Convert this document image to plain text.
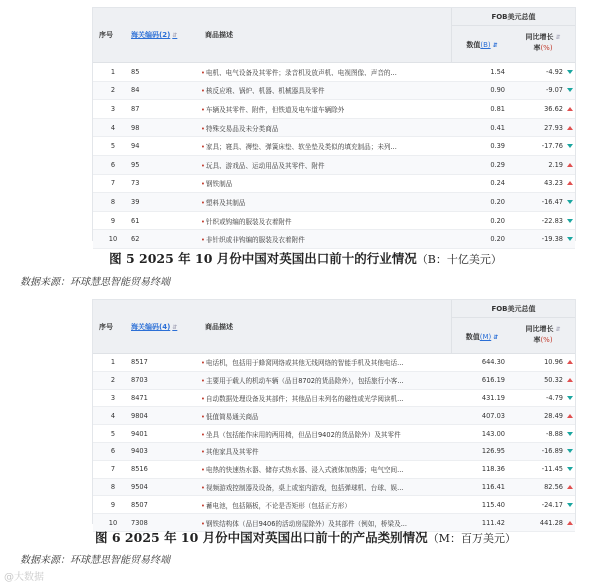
序号	海关编码(2) ⇵	商品描述
FOB美元总值
数值(B) ⇵
同比增长 ⇵
率(%)
1	85	•电机、电气设备及其零件；录音机及放声机、电视图像、声音的...	1.54	-4.92
2	84	•核反应堆、锅炉、机器、机械器具及零件	0.90	-9.07
3	87	•车辆及其零件、附件，但铁道及电车道车辆除外	0.81	36.62
4	98	•特殊交易品及未分类商品	0.41	27.93
5	94	•家具；寝具、褥垫、弹簧床垫、软坐垫及类似的填充制品；未列...	0.39	-17.76
6	95	•玩具、游戏品、运动用品及其零件、附件	0.29	2.19
7	73	•钢铁制品	0.24	43.23
8	39	•塑料及其制品	0.20	-16.47
9	61	•针织或钩编的服装及衣着附件	0.20	-22.83
10	62	•非针织或非钩编的服装及衣着附件	0.20	-19.38
图 5 2025 年 10 月份中国对英国出口前十的行业情况（B：十亿美元）
数据来源：环球慧思智能贸易终端
序号	海关编码(4) ⇵	商品描述
FOB美元总值
数值(M) ⇵
同比增长 ⇵
率(%)
1	8517	•电话机，包括用于蜂窝网络或其他无线网络的智能手机及其他电话...	644.30	10.96
2	8703	•主要用于载人的机动车辆（品目8702的货品除外），包括旅行小客...	616.19	50.32
3	8471	•自动数据处理设备及其部件；其他品目未列名的磁性或光学阅读机...	431.19	-4.79
4	9804	•低值简易通关商品	407.03	28.49
5	9401	•坐具（包括能作床用的两用椅，但品目9402的货品除外）及其零件	143.00	-8.88
6	9403	•其他家具及其零件	126.95	-16.89
7	8516	•电热的快速热水器、储存式热水器、浸入式液体加热器；电气空间...	118.36	-11.45
8	9504	•视频游戏控制器及设备，桌上或室内游戏，包括弹球机、台球、娱...	116.41	82.56
9	8507	•蓄电池，包括隔板，不论是否矩形（包括正方形）	115.40	-24.17
10	7308	•钢铁结构体（品目9406的活动房屋除外）及其部件（例如，桥梁及...	111.42	441.28
图 6 2025 年 10 月份中国对英国出口前十的产品类别情况（M：百万美元）
数据来源：环球慧思智能贸易终端
@大数据
